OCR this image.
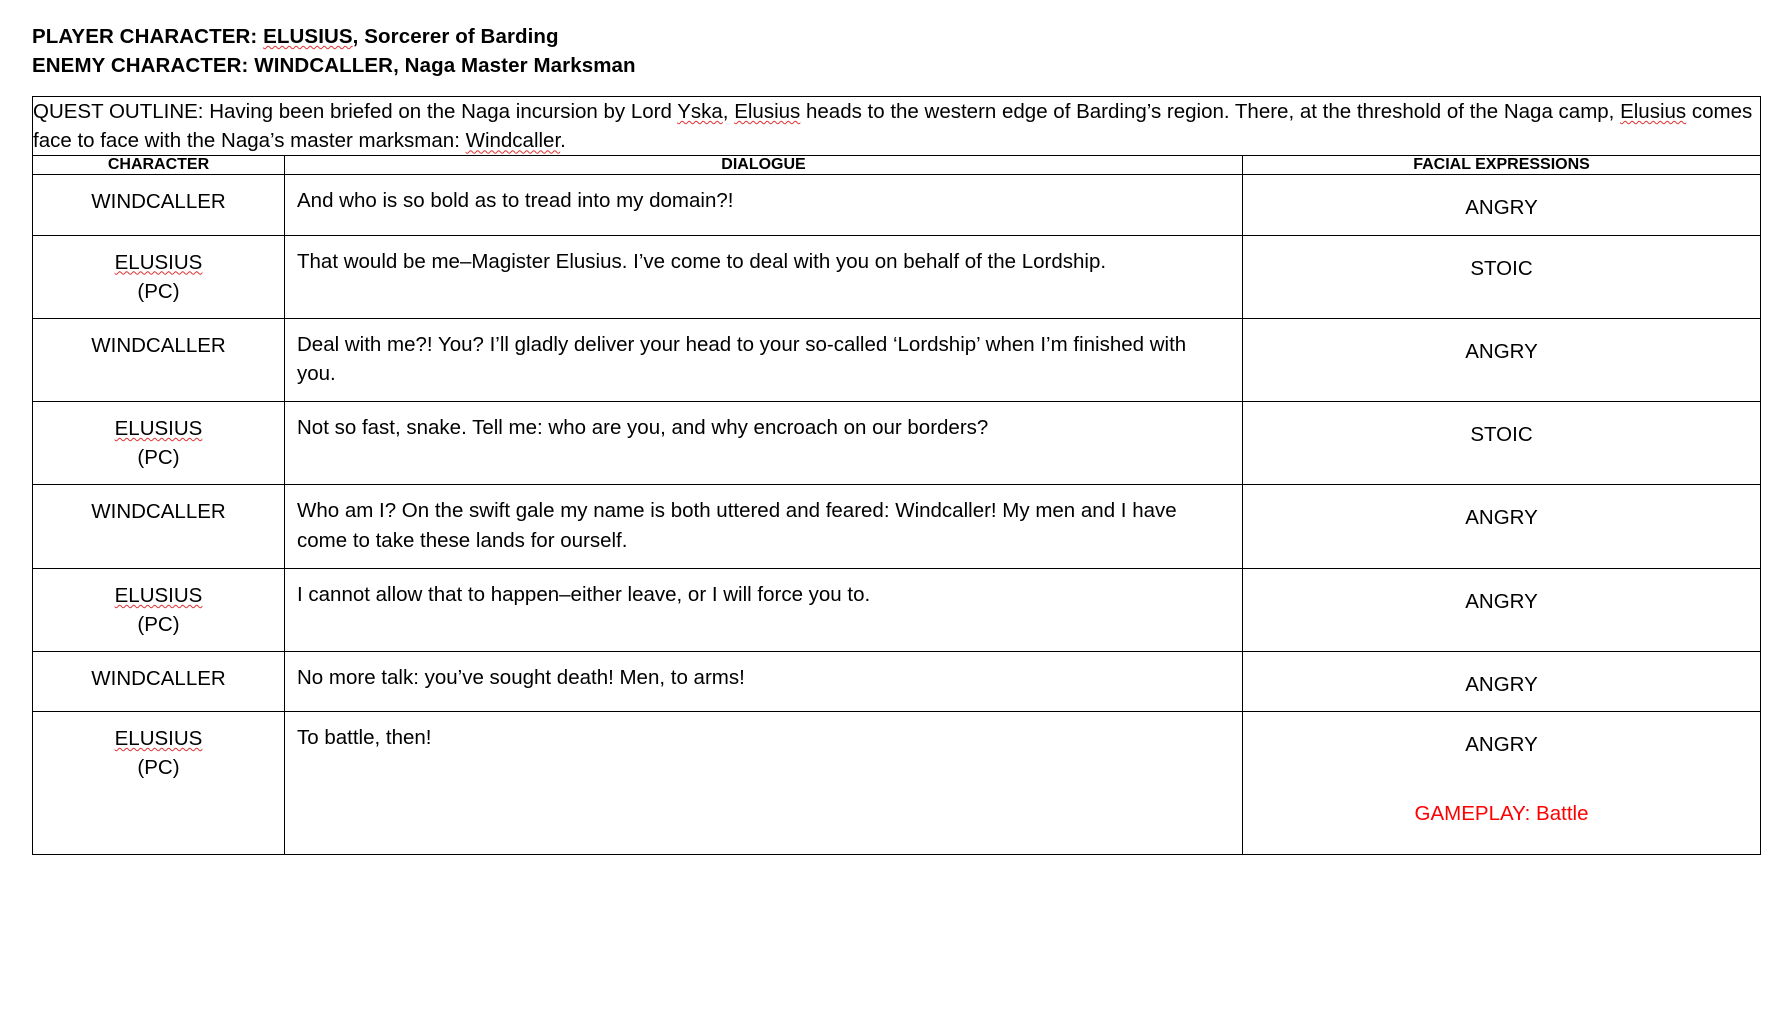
PLAYER CHARACTER: ELUSIUS, Sorcerer of Barding
ENEMY CHARACTER: WINDCALLER, Naga Master Marksman
QUEST OUTLINE: Having been briefed on the Naga incursion by Lord Yska, Elusius heads to the western edge of Barding’s region. There, at the threshold of the Naga camp, Elusius comes face to face with the Naga’s master marksman: Windcaller.		
CHARACTER	DIALOGUE	FACIAL EXPRESSIONS
WINDCALLER	And who is so bold as to tread into my domain?!	ANGRY
ELUSIUS
(PC)	That would be me–Magister Elusius. I’ve come to deal with you on behalf of the Lordship.	STOIC
WINDCALLER	Deal with me?! You? I’ll gladly deliver your head to your so-called ‘Lordship’ when I’m finished with you.	ANGRY
ELUSIUS
(PC)	Not so fast, snake. Tell me: who are you, and why encroach on our borders?	STOIC
WINDCALLER	Who am I? On the swift gale my name is both uttered and feared: Windcaller! My men and I have come to take these lands for ourself.	ANGRY
ELUSIUS
(PC)	I cannot allow that to happen–either leave, or I will force you to.	ANGRY
WINDCALLER	No more talk: you’ve sought death! Men, to arms!	ANGRY
ELUSIUS
(PC)	To battle, then!	ANGRY
GAMEPLAY: Battle
